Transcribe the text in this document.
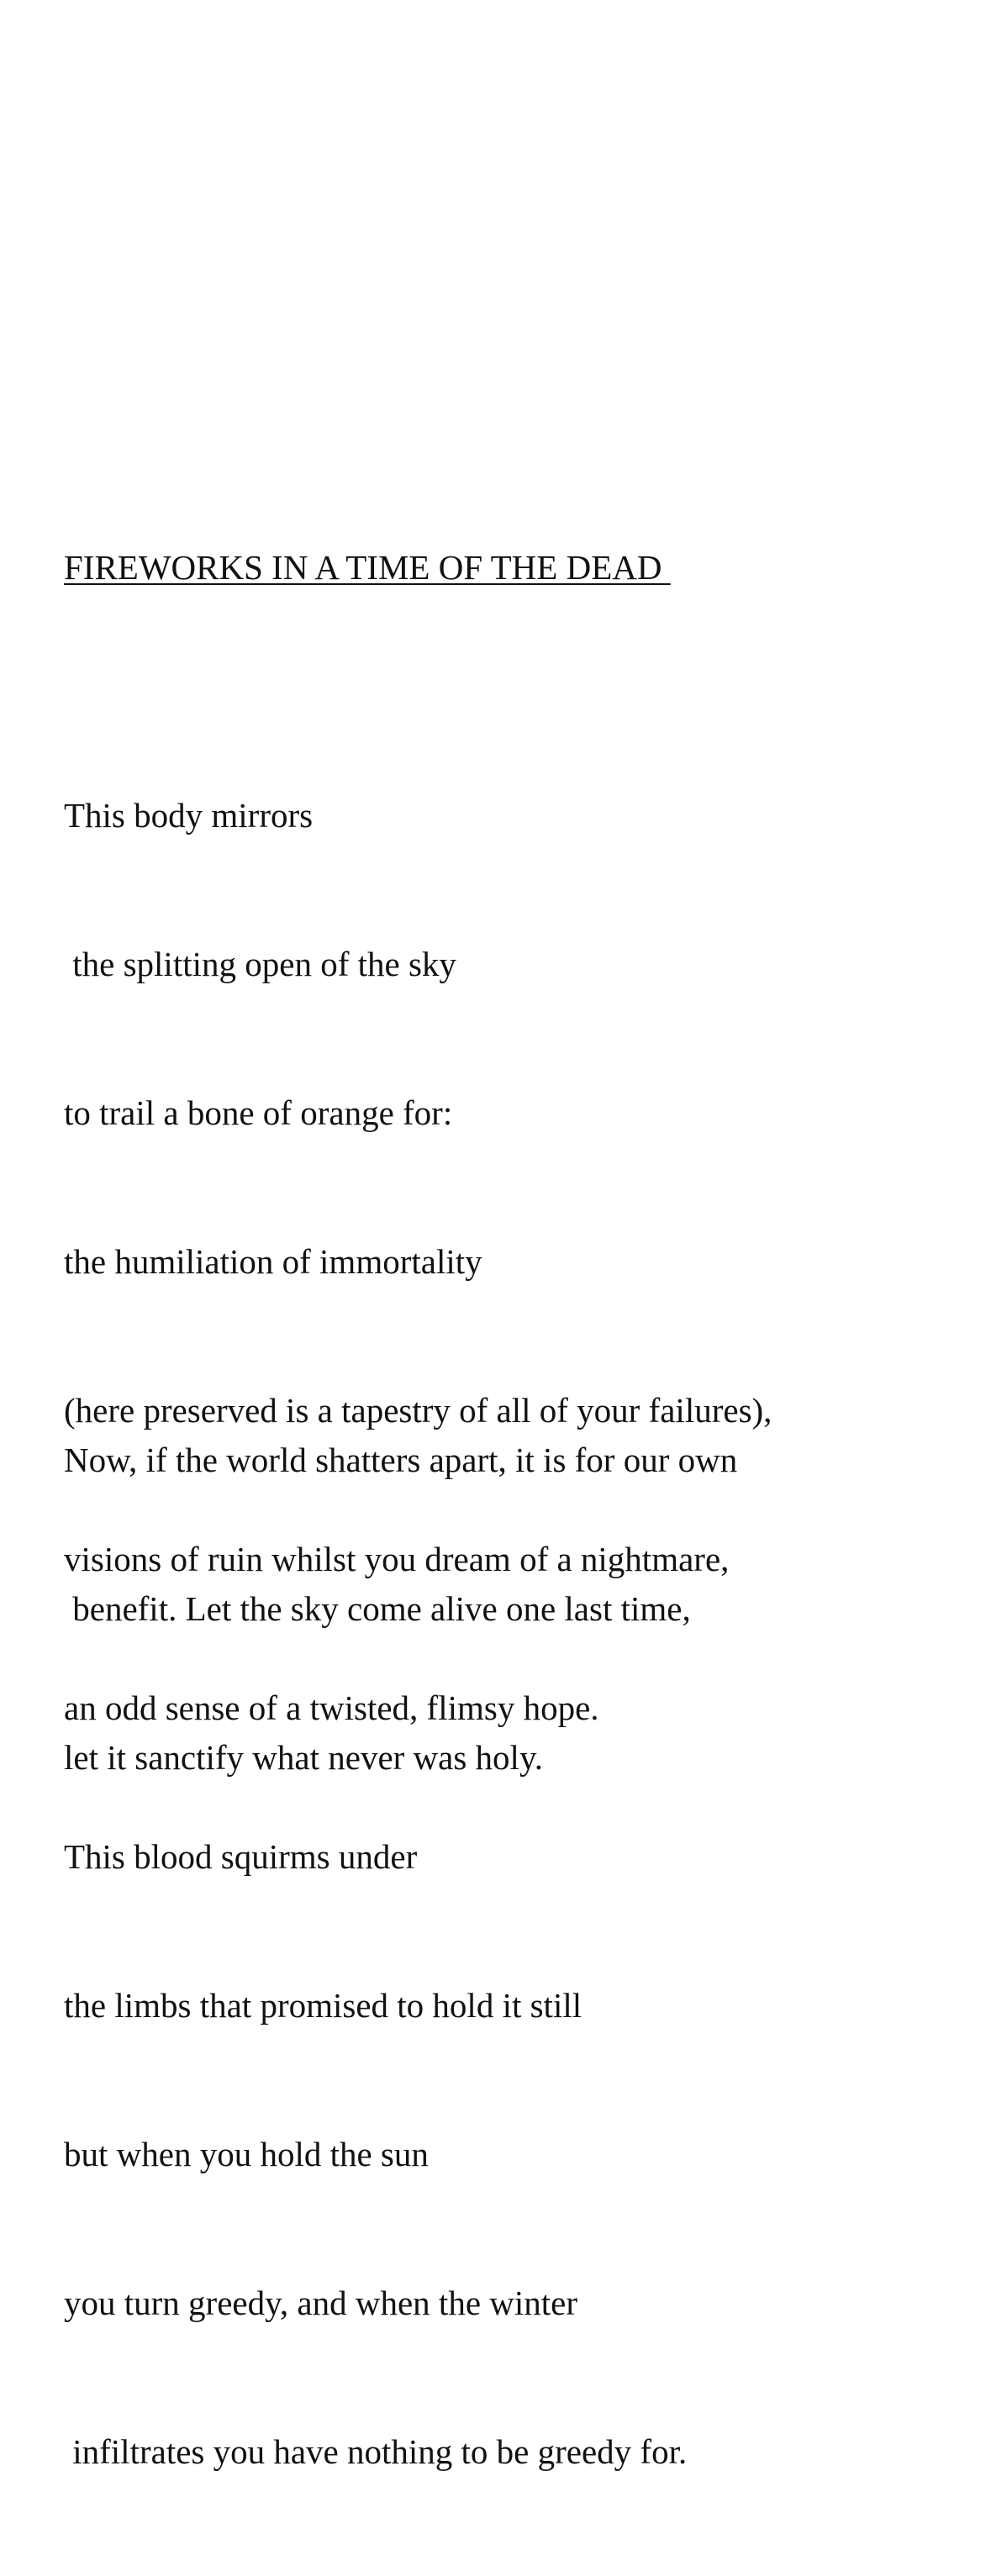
FIREWORKS IN A TIME OF THE DEAD

This body mirrors

the splitting open of the sky

to trail a bone of orange for:

the humiliation of immortality

(here preserved is a tapestry of all of your failures),

visions of ruin whilst you dream of a nightmare,

an odd sense of a twisted, flimsy hope.

This blood squirms under

the limbs that promised to hold it still

but when you hold the sun

you turn greedy, and when the winter

infiltrates you have nothing to be greedy for.

Now, if the world shatters apart, it is for our own

benefit. Let the sky come alive one last time,

let it sanctify what never was holy.
